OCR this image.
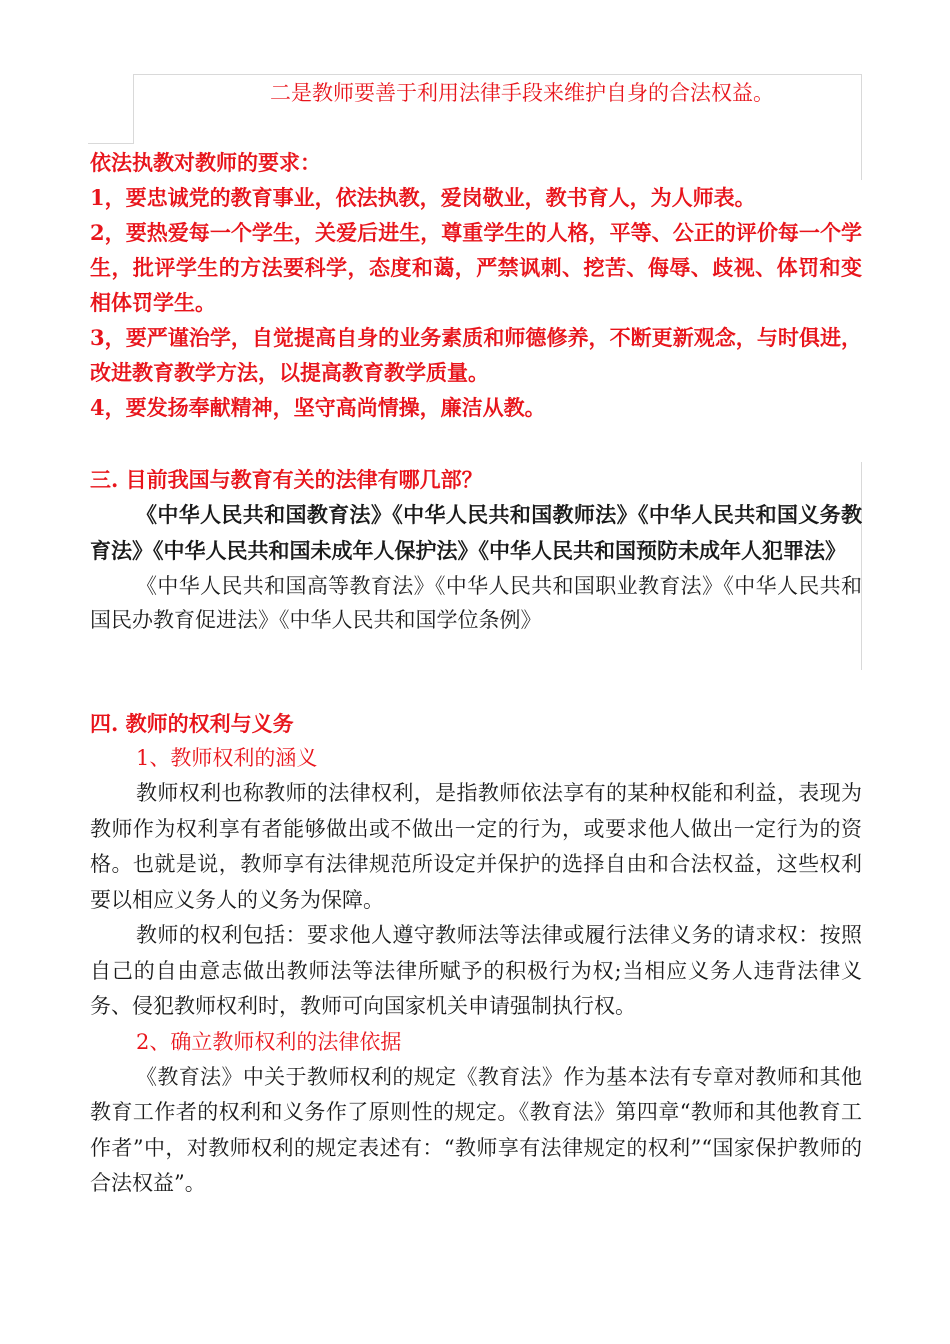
二是教师要善于利用法律手段来维护自身的合法权益。
依法执教对教师的要求：
1，要忠诚党的教育事业，依法执教，爱岗敬业，教书育人，为人师表。
2，要热爱每一个学生，关爱后进生，尊重学生的人格，平等、公正的评价每一个学生，批评学生的方法要科学，态度和蔼，严禁讽刺、挖苦、侮辱、歧视、体罚和变相体罚学生。
3，要严谨治学，自觉提高自身的业务素质和师德修养，不断更新观念，与时俱进，改进教育教学方法，以提高教育教学质量。
4，要发扬奉献精神，坚守高尚情操，廉洁从教。
三. 目前我国与教育有关的法律有哪几部？
《中华人民共和国教育法》《中华人民共和国教师法》《中华人民共和国义务教育法》《中华人民共和国未成年人保护法》《中华人民共和国预防未成年人犯罪法》
《中华人民共和国高等教育法》《中华人民共和国职业教育法》《中华人民共和国民办教育促进法》《中华人民共和国学位条例》
四. 教师的权利与义务
1、教师权利的涵义
教师权利也称教师的法律权利，是指教师依法享有的某种权能和利益，表现为教师作为权利享有者能够做出或不做出一定的行为，或要求他人做出一定行为的资格。也就是说，教师享有法律规范所设定并保护的选择自由和合法权益，这些权利要以相应义务人的义务为保障。
教师的权利包括：要求他人遵守教师法等法律或履行法律义务的请求权：按照自己的自由意志做出教师法等法律所赋予的积极行为权;当相应义务人违背法律义务、侵犯教师权利时，教师可向国家机关申请强制执行权。
2、确立教师权利的法律依据
《教育法》中关于教师权利的规定《教育法》作为基本法有专章对教师和其他教育工作者的权利和义务作了原则性的规定。《教育法》第四章“教师和其他教育工作者”中，对教师权利的规定表述有：“教师享有法律规定的权利”“国家保护教师的合法权益”。
